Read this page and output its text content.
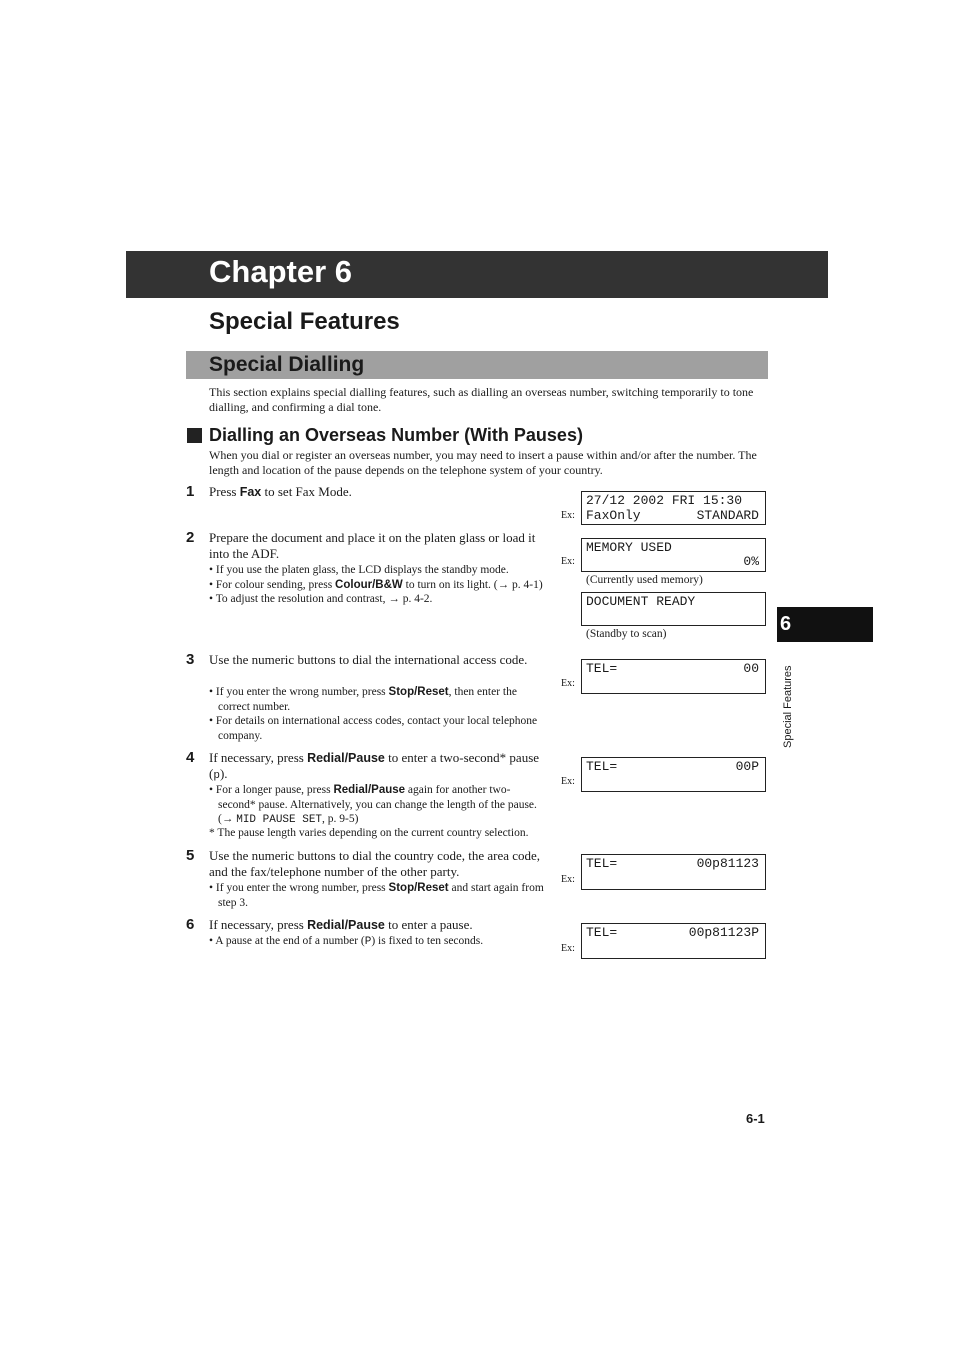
Chapter 6
Special Features
Special Dialling
This section explains special dialling features, such as dialling an overseas number, switching temporarily to tone dialling, and confirming a dial tone.
Dialling an Overseas Number (With Pauses)
When you dial or register an overseas number, you may need to insert a pause within and/or after the number. The length and location of the pause depends on the telephone system of your country.
1 Press Fax to set Fax Mode.
2 Prepare the document and place it on the platen glass or load it into the ADF.
• If you use the platen glass, the LCD displays the standby mode.
• For colour sending, press Colour/B&W to turn on its light. (→ p. 4-1)
• To adjust the resolution and contrast, → p. 4-2.
3 Use the numeric buttons to dial the international access code.
• If you enter the wrong number, press Stop/Reset, then enter the correct number.
• For details on international access codes, contact your local telephone company.
4 If necessary, press Redial/Pause to enter a two-second* pause (p).
• For a longer pause, press Redial/Pause again for another two-second* pause. Alternatively, you can change the length of the pause. (→ MID PAUSE SET, p. 9-5)
* The pause length varies depending on the current country selection.
5 Use the numeric buttons to dial the country code, the area code, and the fax/telephone number of the other party.
• If you enter the wrong number, press Stop/Reset and start again from step 3.
6 If necessary, press Redial/Pause to enter a pause.
• A pause at the end of a number (P) is fixed to ten seconds.
Ex:
27/12 2002 FRI 15:30
FaxOnly	STANDARD
Ex:
MEMORY USED
0%
(Currently used memory)
DOCUMENT READY
(Standby to scan)
Ex:
TEL=	00
Ex:
TEL=	00P
Ex:
TEL=	00p81123
Ex:
TEL=	00p81123P
6
Special Features
6-1
